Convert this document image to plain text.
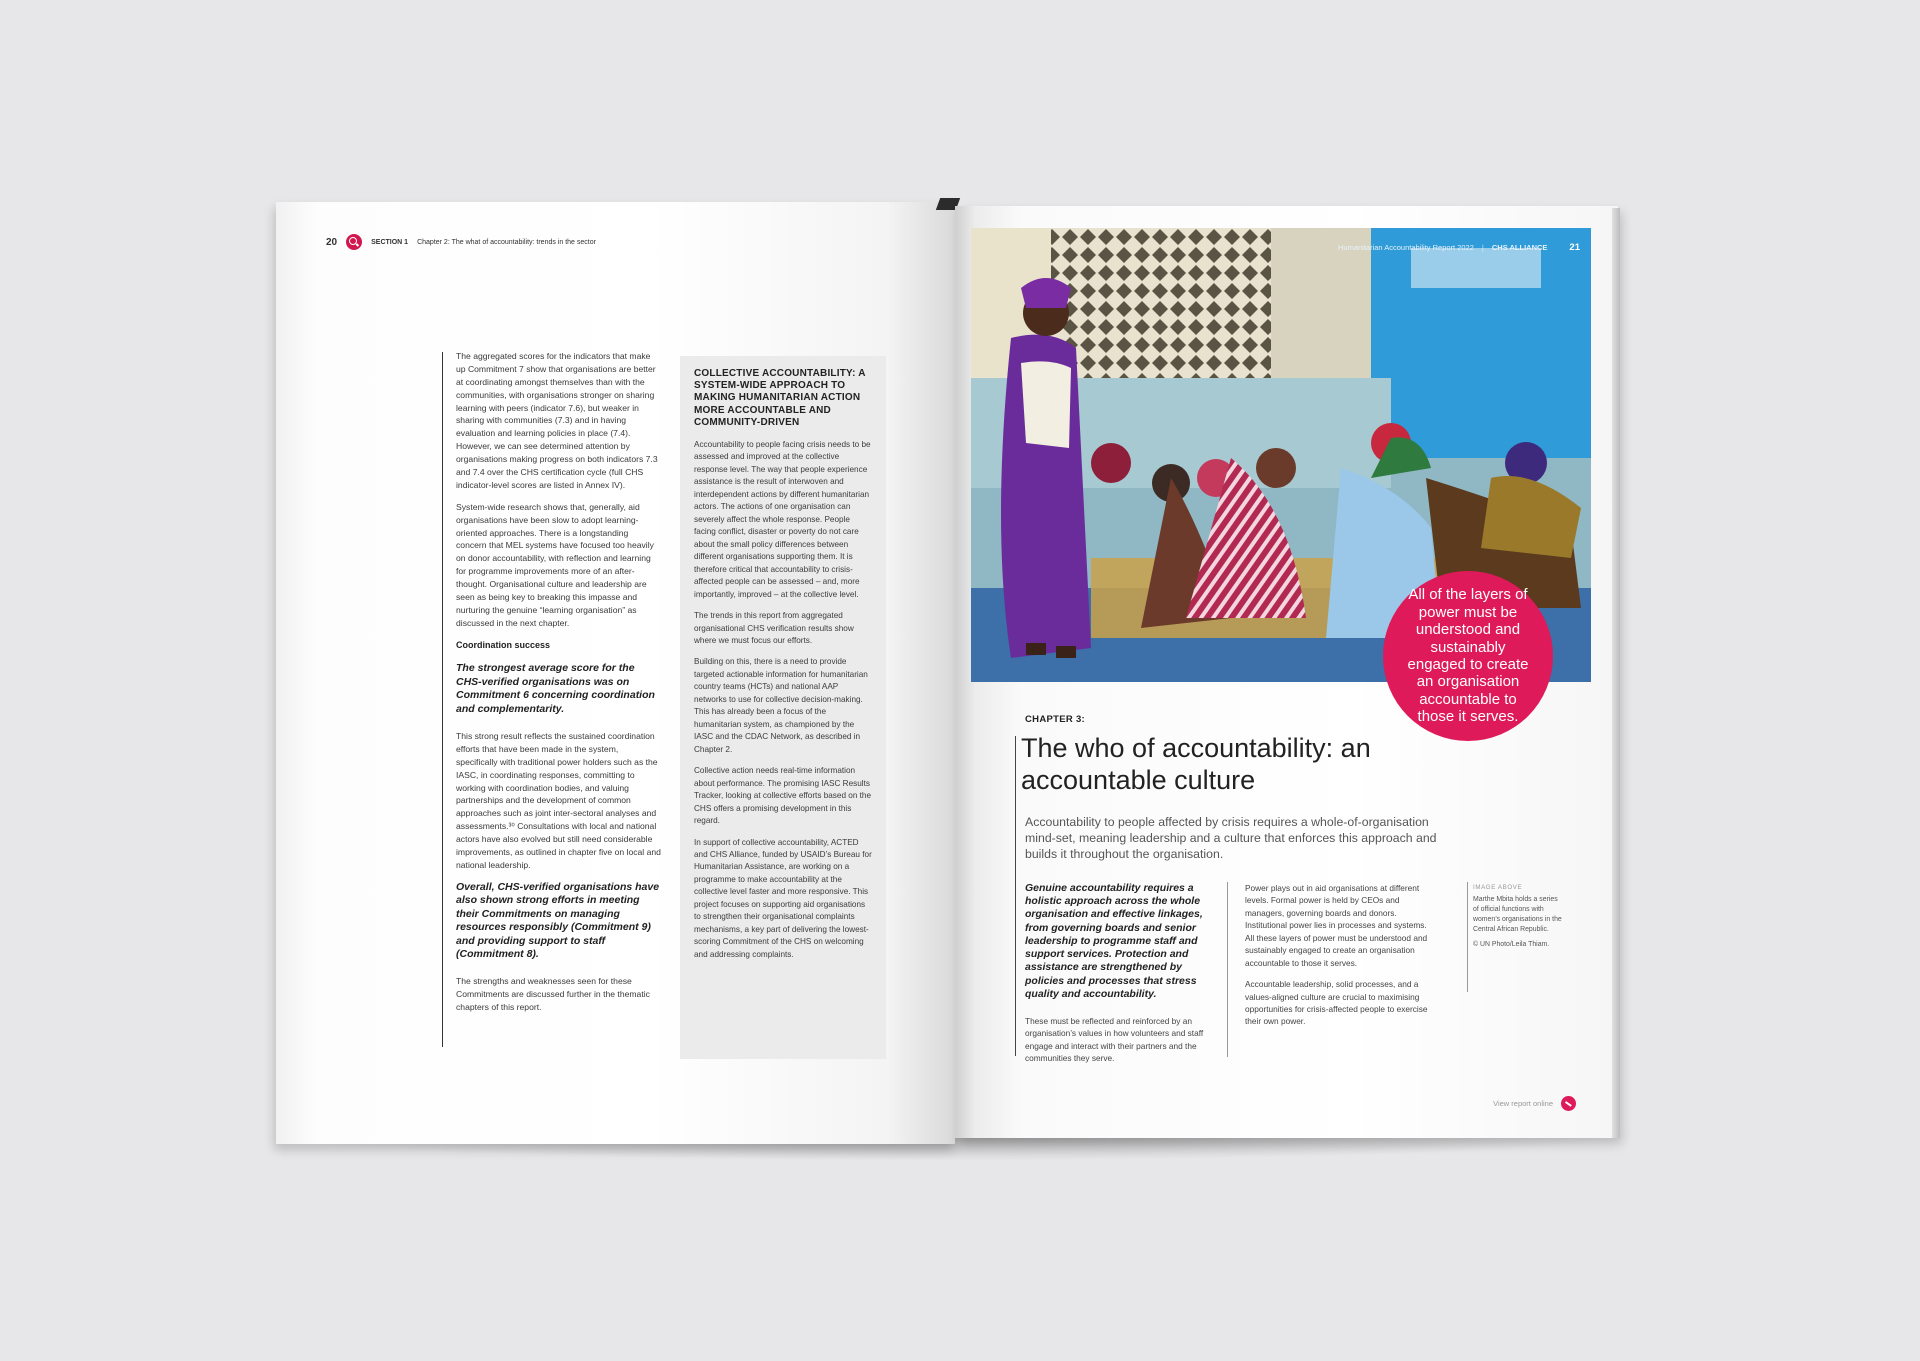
20	SECTION 1 Chapter 2: The what of accountability: trends in the sector

The aggregated scores for the indicators that make up Commitment 7 show that organisations are better at coordinating amongst themselves than with the communities, with organisations stronger on sharing learning with peers (indicator 7.6), but weaker in sharing with communities (7.3) and in having evaluation and learning policies in place (7.4). However, we can see determined attention by organisations making progress on both indicators 7.3 and 7.4 over the CHS certification cycle (full CHS indicator-level scores are listed in Annex IV).

System-wide research shows that, generally, aid organisations have been slow to adopt learning-oriented approaches. There is a longstanding concern that MEL systems have focused too heavily on donor accountability, with reflection and learning for programme improvements more of an after-thought. Organisational culture and leadership are seen as being key to breaking this impasse and nurturing the genuine “learning organisation” as discussed in the next chapter.

Coordination success
The strongest average score for the CHS-verified organisations was on Commitment 6 concerning coordination and complementarity.

This strong result reflects the sustained coordination efforts that have been made in the system, specifically with traditional power holders such as the IASC, in coordinating responses, committing to working with coordination bodies, and valuing partnerships and the development of common approaches such as joint inter-sectoral analyses and assessments.³⁰ Consultations with local and national actors have also evolved but still need considerable improvements, as outlined in chapter five on local and national leadership.

Overall, CHS-verified organisations have also shown strong efforts in meeting their Commitments on managing resources responsibly (Commitment 9) and providing support to staff (Commitment 8).

The strengths and weaknesses seen for these Commitments are discussed further in the thematic chapters of this report.

COLLECTIVE ACCOUNTABILITY: A SYSTEM-WIDE APPROACH TO MAKING HUMANITARIAN ACTION MORE ACCOUNTABLE AND COMMUNITY-DRIVEN

Accountability to people facing crisis needs to be assessed and improved at the collective response level. The way that people experience assistance is the result of interwoven and interdependent actions by different humanitarian actors. The actions of one organisation can severely affect the whole response. People facing conflict, disaster or poverty do not care about the small policy differences between different organisations supporting them. It is therefore critical that accountability to crisis-affected people can be assessed – and, more importantly, improved – at the collective level.

The trends in this report from aggregated organisational CHS verification results show where we must focus our efforts.

Building on this, there is a need to provide targeted actionable information for humanitarian country teams (HCTs) and national AAP networks to use for collective decision-making. This has already been a focus of the humanitarian system, as championed by the IASC and the CDAC Network, as described in Chapter 2.

Collective action needs real-time information about performance. The promising IASC Results Tracker, looking at collective efforts based on the CHS offers a promising development in this regard.

In support of collective accountability, ACTED and CHS Alliance, funded by USAID’s Bureau for Humanitarian Assistance, are working on a programme to make accountability at the collective level faster and more responsive. This project focuses on supporting aid organisations to strengthen their organisational complaints mechanisms, a key part of delivering the lowest-scoring Commitment of the CHS on welcoming and addressing complaints.

Humanitarian Accountability Report 2022 | CHS ALLIANCE 21
All of the layers of power must be understood and sustainably engaged to create an organisation accountable to those it serves.
CHAPTER 3:
The who of accountability: an accountable culture

Accountability to people affected by crisis requires a whole-of-organisation mind-set, meaning leadership and a culture that enforces this approach and builds it throughout the organisation.

Genuine accountability requires a holistic approach across the whole organisation and effective linkages, from governing boards and senior leadership to programme staff and support services. Protection and assistance are strengthened by policies and processes that stress quality and accountability.

These must be reflected and reinforced by an organisation’s values in how volunteers and staff engage and interact with their partners and the communities they serve.

Power plays out in aid organisations at different levels. Formal power is held by CEOs and managers, governing boards and donors. Institutional power lies in processes and systems. All these layers of power must be understood and sustainably engaged to create an organisation accountable to those it serves.

Accountable leadership, solid processes, and a values-aligned culture are crucial to maximising opportunities for crisis-affected people to exercise their own power.

IMAGE ABOVE

Marthe Mbita holds a series of official functions with women’s organisations in the Central African Republic.

© UN Photo/Leila Thiam.

View report online
